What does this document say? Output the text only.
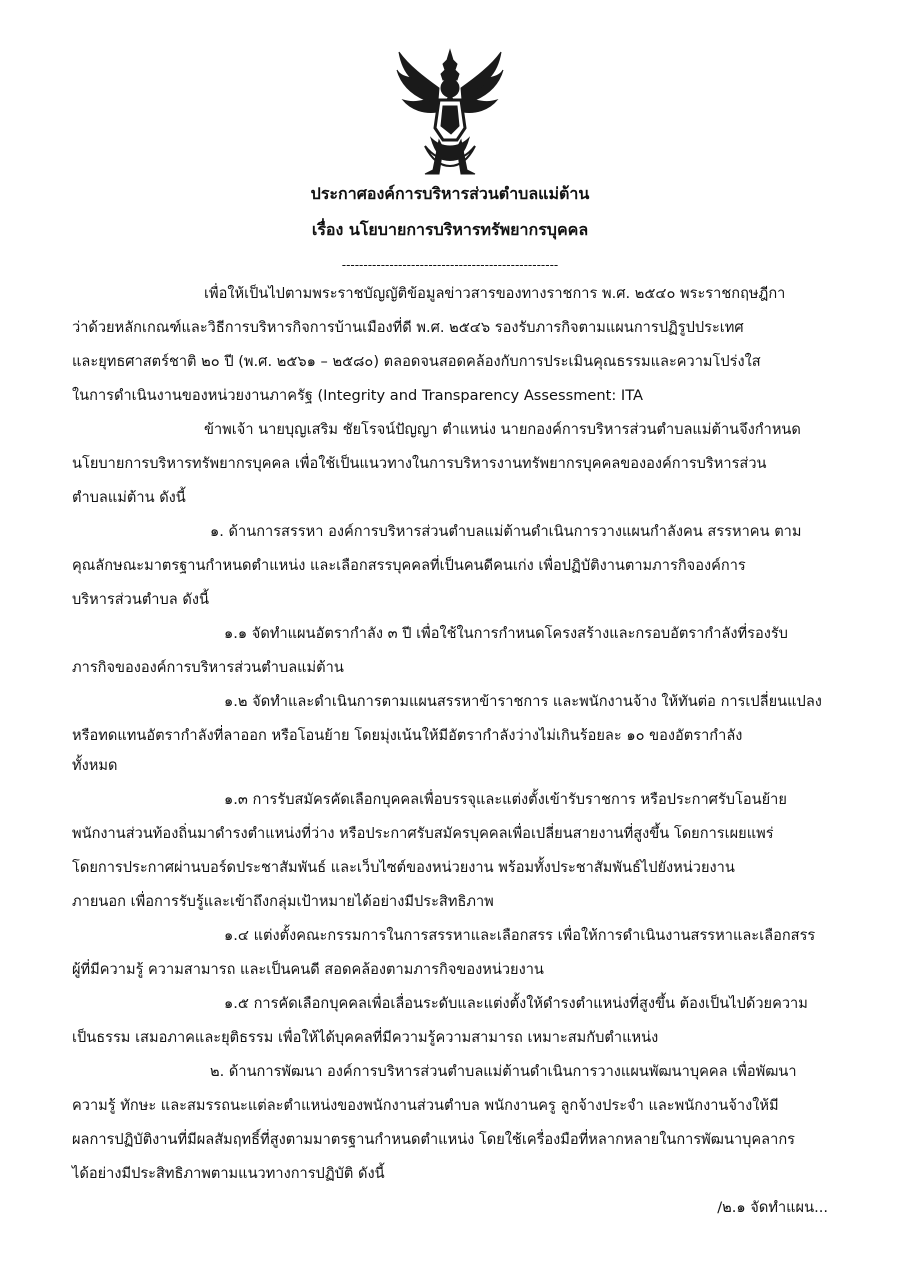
ประกาศองค์การบริหารส่วนตำบลแม่ต้าน
เรื่อง นโยบายการบริหารทรัพยากรบุคคล
--------------------------------------------------
เพื่อให้เป็นไปตามพระราชบัญญัติข้อมูลข่าวสารของทางราชการ พ.ศ. ๒๕๔๐ พระราชกฤษฎีกา
ว่าด้วยหลักเกณฑ์และวิธีการบริหารกิจการบ้านเมืองที่ดี พ.ศ. ๒๕๔๖ รองรับภารกิจตามแผนการปฏิรูปประเทศ
และยุทธศาสตร์ชาติ ๒๐ ปี (พ.ศ. ๒๕๖๑ – ๒๕๘๐) ตลอดจนสอดคล้องกับการประเมินคุณธรรมและความโปร่งใส
ในการดำเนินงานของหน่วยงานภาครัฐ (Integrity and Transparency Assessment: ITA
ข้าพเจ้า นายบุญเสริม ชัยโรจน์ปัญญา ตำแหน่ง นายกองค์การบริหารส่วนตำบลแม่ต้านจึงกำหนด
นโยบายการบริหารทรัพยากรบุคคล เพื่อใช้เป็นแนวทางในการบริหารงานทรัพยากรบุคคลขององค์การบริหารส่วน
ตำบลแม่ต้าน ดังนี้
๑. ด้านการสรรหา องค์การบริหารส่วนตำบลแม่ต้านดำเนินการวางแผนกำลังคน สรรหาคน ตาม
คุณลักษณะมาตรฐานกำหนดตำแหน่ง และเลือกสรรบุคคลที่เป็นคนดีคนเก่ง เพื่อปฏิบัติงานตามภารกิจองค์การ
บริหารส่วนตำบล ดังนี้
๑.๑ จัดทำแผนอัตรากำลัง ๓ ปี เพื่อใช้ในการกำหนดโครงสร้างและกรอบอัตรากำลังที่รองรับ
ภารกิจขององค์การบริหารส่วนตำบลแม่ต้าน
๑.๒ จัดทำและดำเนินการตามแผนสรรหาข้าราชการ และพนักงานจ้าง ให้ทันต่อ การเปลี่ยนแปลง
หรือทดแทนอัตรากำลังที่ลาออก หรือโอนย้าย โดยมุ่งเน้นให้มีอัตรากำลังว่างไม่เกินร้อยละ ๑๐ ของอัตรากำลัง
ทั้งหมด
๑.๓ การรับสมัครคัดเลือกบุคคลเพื่อบรรจุและแต่งตั้งเข้ารับราชการ หรือประกาศรับโอนย้าย
พนักงานส่วนท้องถิ่นมาดำรงตำแหน่งที่ว่าง หรือประกาศรับสมัครบุคคลเพื่อเปลี่ยนสายงานที่สูงขึ้น โดยการเผยแพร่
โดยการประกาศผ่านบอร์ดประชาสัมพันธ์ และเว็บไซต์ของหน่วยงาน พร้อมทั้งประชาสัมพันธ์ไปยังหน่วยงาน
ภายนอก เพื่อการรับรู้และเข้าถึงกลุ่มเป้าหมายได้อย่างมีประสิทธิภาพ
๑.๔ แต่งตั้งคณะกรรมการในการสรรหาและเลือกสรร เพื่อให้การดำเนินงานสรรหาและเลือกสรร
ผู้ที่มีความรู้ ความสามารถ และเป็นคนดี สอดคล้องตามภารกิจของหน่วยงาน
๑.๕ การคัดเลือกบุคคลเพื่อเลื่อนระดับและแต่งตั้งให้ดำรงตำแหน่งที่สูงขึ้น ต้องเป็นไปด้วยความ
เป็นธรรม เสมอภาคและยุติธรรม เพื่อให้ได้บุคคลที่มีความรู้ความสามารถ เหมาะสมกับตำแหน่ง
๒. ด้านการพัฒนา องค์การบริหารส่วนตำบลแม่ต้านดำเนินการวางแผนพัฒนาบุคคล เพื่อพัฒนา
ความรู้ ทักษะ และสมรรถนะแต่ละตำแหน่งของพนักงานส่วนตำบล พนักงานครู ลูกจ้างประจำ และพนักงานจ้างให้มี
ผลการปฏิบัติงานที่มีผลสัมฤทธิ์ที่สูงตามมาตรฐานกำหนดตำแหน่ง โดยใช้เครื่องมือที่หลากหลายในการพัฒนาบุคลากร
ได้อย่างมีประสิทธิภาพตามแนวทางการปฏิบัติ ดังนี้
/๒.๑ จัดทำแผน...
